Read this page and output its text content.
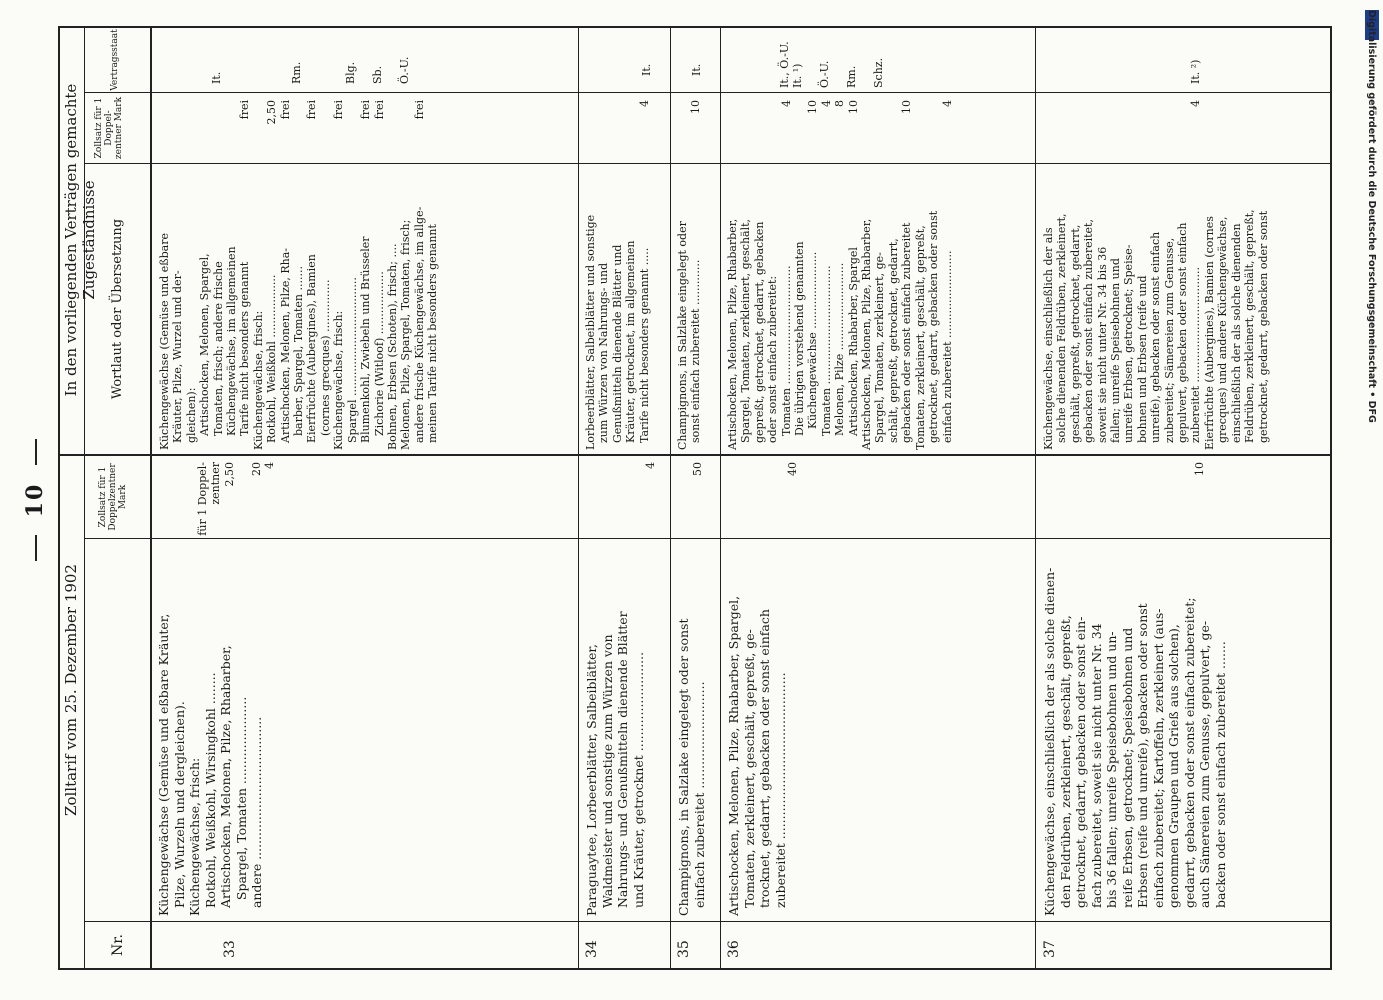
10
Zolltarif vom 25. Dezember 1902
In den vorliegenden Verträgen gemachte Zugeständnisse
Nr.
Zollsatz für 1 Doppelzentner Mark
Wortlaut oder Übersetzung
Zollsatz für 1 Doppel- zentner Mark
Vertragsstaat
33
Küchengewächse (Gemüse und eßbare Kräuter,
Pilze, Wurzeln und dergleichen).
Küchengewächse, frisch:
Rotkohl, Weißkohl, Wirsingkohl ........
Artischocken, Melonen, Pilze, Rhabarber,
Spargel, Tomaten ......................
andere ....................................
für 1 Doppel-
zentner
2,50

20
4
Küchengewächse (Gemüse und eßbare
Kräuter, Pilze, Wurzel und der-
gleichen):
Artischocken, Melonen, Spargel,
Tomaten, frisch; andere frische
Küchengewächse, im allgemeinen
Tarife nicht besonders genannt
Küchengewächse, frisch:
Rotkohl, Weißkohl ..................
Artischocken, Melonen, Pilze, Rha-
barber, Spargel, Tomaten .......
Eierfrüchte (Aubergines), Bamien
(cornes grecques) ...............
Küchengewächse, frisch:
Spargel ..................................
Blumenkohl, Zwiebeln und Brüsseler
Zichorie (Witloof) ..................
Bohnen, Erbsen (Schoten), frisch; ....
Melonen, Pilze, Spargel, Tomaten, frisch;
andere frische Küchengewächse, im allge-
meinen Tarife nicht besonders genannt

frei

2,50
frei

frei

frei

frei
frei

frei
It.

Rm.

Blg.

Sb.

Ö.-U.
34
Paraguaytee, Lorbeerblätter, Salbeiblätter,
Waldmeister und sonstige zum Würzen von
Nahrungs- und Genußmitteln dienende Blätter
und Kräuter, getrocknet .........................

4
Lorbeerblätter, Salbeiblätter und sonstige
zum Würzen von Nahrungs- und
Genußmitteln dienende Blätter und
Kräuter, getrocknet, im allgemeinen
Tarife nicht besonders genannt .....

4
It.
35
Champignons, in Salzlake eingelegt oder sonst
einfach zubereitet ...........................

50
Champignons, in Salzlake eingelegt oder
sonst einfach zubereitet .............

10
It.
36
Artischocken, Melonen, Pilze, Rhabarber, Spargel,
Tomaten, zerkleinert, geschält, gepreßt, ge-
trocknet, gedarrt, gebacken oder sonst einfach
zubereitet ..........................................

40
Artischocken, Melonen, Pilze, Rhabarber,
Spargel, Tomaten, zerkleinert, geschält,
gepreßt, getrocknet, gedarrt, gebacken
oder sonst einfach zubereitet:
Tomaten ..................................
Die übrigen vorstehend genannten
Küchengewächse ......................
Tomaten ..................................
Melonen, Pilze .........................
Artischocken, Rhabarber, Spargel
Artischocken, Melonen, Pilze, Rhabarber,
Spargel, Tomaten, zerkleinert, ge-
schält, gepreßt, getrocknet, gedarrt,
gebacken oder sonst einfach zubereitet
Tomaten, zerkleinert, geschält, gepreßt,
getrocknet, gedarrt, gebacken oder sonst
einfach zubereitet .........................

4

10
4
8
10

10

4
It., Ö.-U.
It. ¹)

Ö.-U.

Rm.

Schz.
37
Küchengewächse, einschließlich der als solche dienen-
den Feldrüben, zerkleinert, geschält, gepreßt,
getrocknet, gedarrt, gebacken oder sonst ein-
fach zubereitet, soweit sie nicht unter Nr. 34
bis 36 fallen; unreife Speisebohnen und un-
reife Erbsen, getrocknet; Speisebohnen und
Erbsen (reife und unreife), gebacken oder sonst
einfach zubereitet; Kartoffeln, zerkleinert (aus-
genommen Graupen und Grieß aus solchen),
gedarrt, gebacken oder sonst einfach zubereitet;
auch Sämereien zum Genusse, gepulvert, ge-
backen oder sonst einfach zubereitet .......

10
Küchengewächse, einschließlich der als
solche dienenden Feldrüben, zerkleinert,
geschält, gepreßt, getrocknet, gedarrt,
gebacken oder sonst einfach zubereitet,
soweit sie nicht unter Nr. 34 bis 36
fallen; unreife Speisebohnen und
unreife Erbsen, getrocknet; Speise-
bohnen und Erbsen (reife und
unreife), gebacken oder sonst einfach
zubereitet; Sämereien zum Genusse,
gepulvert, gebacken oder sonst einfach
zubereitet .................................
Eierfrüchte (Aubergines), Bamien (cornes
grecques) und andere Küchengewächse,
einschließlich der als solche dienenden
Feldrüben, zerkleinert, geschält, gepreßt,
getrocknet, gedarrt, gebacken oder sonst

4

It. ²)	Digitalisierung gefördert durch die Deutsche Forschungsgemeinschaft • DFG
